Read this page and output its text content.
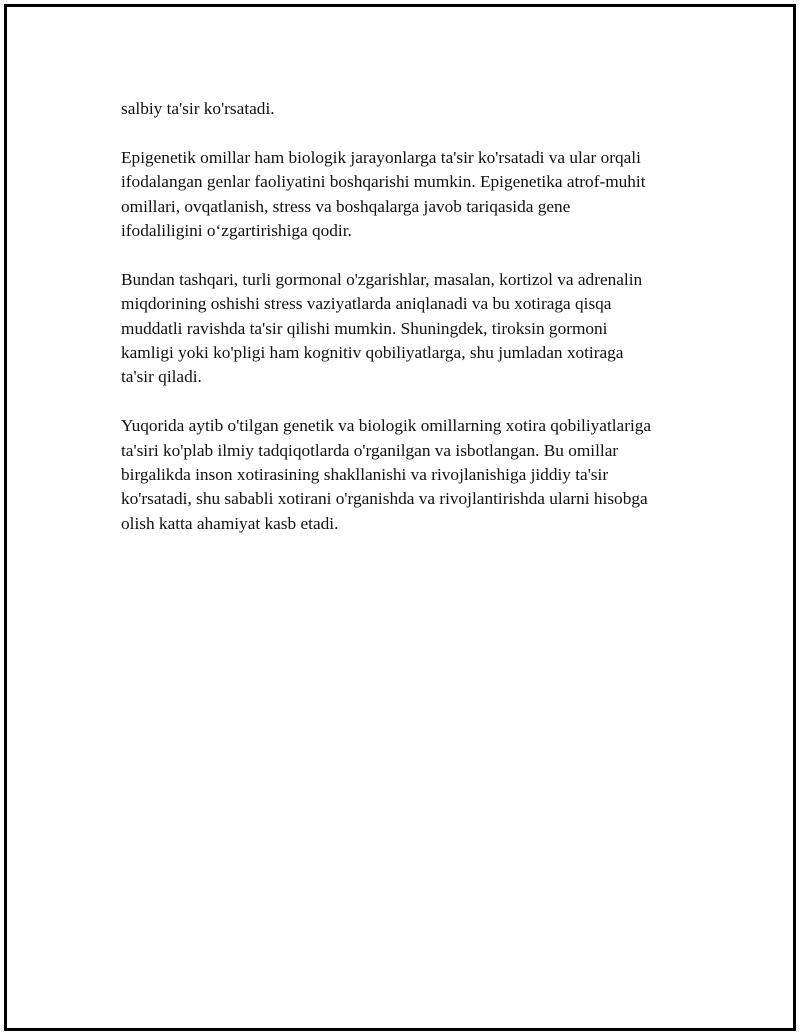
salbiy ta'sir ko'rsatadi.

Epigenetik omillar ham biologik jarayonlarga ta'sir ko'rsatadi va ular orqali
ifodalangan genlar faoliyatini boshqarishi mumkin. Epigenetika atrof-muhit
omillari, ovqatlanish, stress va boshqalarga javob tariqasida gene
ifodaliligini o‘zgartirishiga qodir.

Bundan tashqari, turli gormonal o'zgarishlar, masalan, kortizol va adrenalin
miqdorining oshishi stress vaziyatlarda aniqlanadi va bu xotiraga qisqa
muddatli ravishda ta'sir qilishi mumkin. Shuningdek, tiroksin gormoni
kamligi yoki ko'pligi ham kognitiv qobiliyatlarga, shu jumladan xotiraga
ta'sir qiladi.

Yuqorida aytib o'tilgan genetik va biologik omillarning xotira qobiliyatlariga
ta'siri ko'plab ilmiy tadqiqotlarda o'rganilgan va isbotlangan. Bu omillar
birgalikda inson xotirasining shakllanishi va rivojlanishiga jiddiy ta'sir
ko'rsatadi, shu sababli xotirani o'rganishda va rivojlantirishda ularni hisobga
olish katta ahamiyat kasb etadi.
